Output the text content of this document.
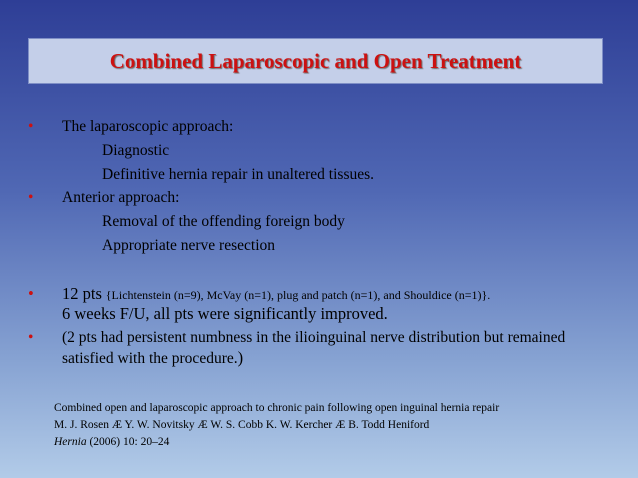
Combined Laparoscopic and Open Treatment
• The laparoscopic approach:
Diagnostic
Definitive hernia repair in unaltered tissues.
• Anterior approach:
Removal of the offending foreign body
Appropriate nerve resection
• 12 pts {Lichtenstein (n=9), McVay (n=1), plug and patch (n=1), and Shouldice (n=1)}.
6 weeks F/U, all pts were significantly improved.
• (2 pts had persistent numbness in the ilioinguinal nerve distribution but remained
satisfied with the procedure.)
Combined open and laparoscopic approach to chronic pain following open inguinal hernia repair
M. J. Rosen Æ Y. W. Novitsky Æ W. S. Cobb K. W. Kercher Æ B. Todd Heniford
Hernia (2006) 10: 20–24
